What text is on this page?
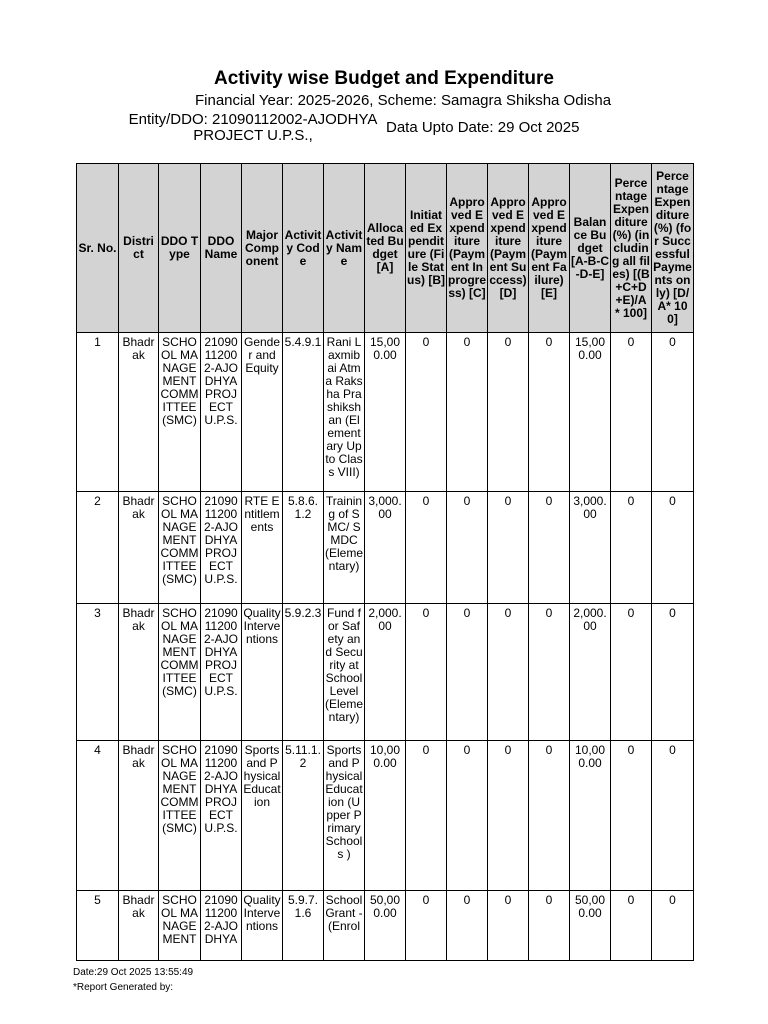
Activity wise Budget and Expenditure
Financial Year: 2025-2026, Scheme: Samagra Shiksha Odisha
Entity/DDO: 21090112002-AJODHYA PROJECT U.P.S.,	Data Upto Date: 29 Oct 2025
Sr. No.	District	DDO Type	DDO Name	Major Component	Activity Code	Activity Name	Allocated Budget [A]	Initiated Expenditure (File Status) [B]	Approved Expenditure (Payment In progress) [C]	Approved Expenditure (Payment Success) [D]	Approved Expenditure (Payment Failure) [E]	Balance Budget [A-B-C-D-E]	Percentage Expenditure(%) (including all files) [(B+C+D+E)/A * 100]	Percentage Expenditure(%) (for Successful Payments only) [D/A* 100]
1	Bhadrak	SCHOOL MANAGEMENT COMMITTEE (SMC)	21090112002-AJODHYA PROJECT U.P.S.	Gender and Equity	5.4.9.1	Rani Laxmibai Atma Raksha Prashikshan (Elementary Upto Class VIII)	15,000.00	0	0	0	0	15,000.00	0	0
2	Bhadrak	SCHOOL MANAGEMENT COMMITTEE (SMC)	21090112002-AJODHYA PROJECT U.P.S.	RTE Entitlements	5.8.6.1.2	Training of SMC/ SMDC (Elementary)	3,000.00	0	0	0	0	3,000.00	0	0
3	Bhadrak	SCHOOL MANAGEMENT COMMITTEE (SMC)	21090112002-AJODHYA PROJECT U.P.S.	Quality Interventions	5.9.2.3	Fund for Safety and Security at School Level (Elementary)	2,000.00	0	0	0	0	2,000.00	0	0
4	Bhadrak	SCHOOL MANAGEMENT COMMITTEE (SMC)	21090112002-AJODHYA PROJECT U.P.S.	Sports and Physical Education	5.11.1.2	Sports and Physical Education (Upper Primary Schools )	10,000.00	0	0	0	0	10,000.00	0	0
5	Bhadrak	SCHOOL MANAGEMENT	21090112002-AJODHYA	Quality Interventions	5.9.7.1.6	School Grant - (Enrol	50,000.00	0	0	0	0	50,000.00	0	0
Date:29 Oct 2025 13:55:49
*Report Generated by:
